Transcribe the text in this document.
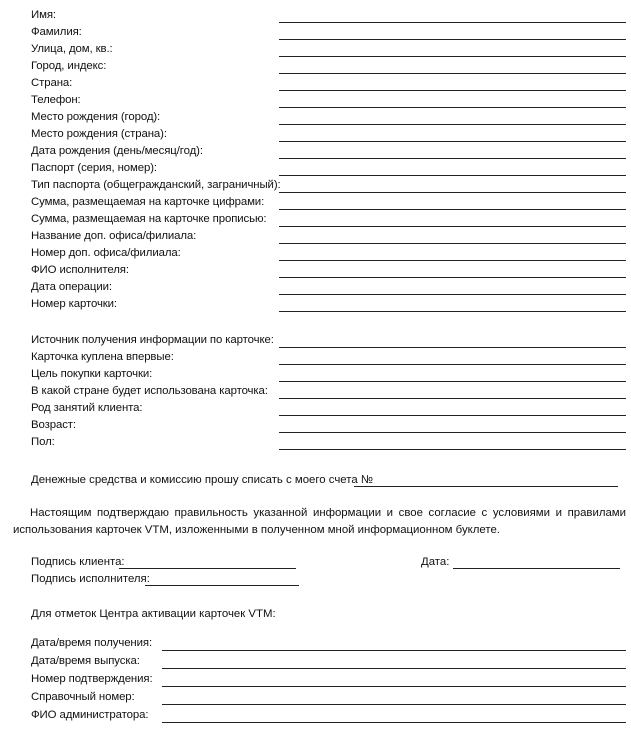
Имя:
Фамилия:
Улица, дом, кв.:
Город, индекс:
Страна:
Телефон:
Место рождения (город):
Место рождения (страна):
Дата рождения (день/месяц/год):
Паспорт (серия, номер):
Тип паспорта (общегражданский, заграничный):
Сумма, размещаемая на карточке цифрами:
Сумма, размещаемая на карточке прописью:
Название доп. офиса/филиала:
Номер доп. офиса/филиала:
ФИО исполнителя:
Дата операции:
Номер карточки:
Источник получения информации по карточке:
Карточка куплена впервые:
Цель покупки карточки:
В какой стране будет использована карточка:
Род занятий клиента:
Возраст:
Пол:
Денежные средства и комиссию прошу списать с моего счета №
Настоящим подтверждаю правильность указанной информации и свое согласие с условиями и правилами использования карточек VTM, изложенными в полученном мной информационном буклете.
Подпись клиента:	Дата:
Подпись исполнителя:
Для отметок Центра активации карточек VTM:
Дата/время получения:
Дата/время выпуска:
Номер подтверждения:
Справочный номер:
ФИО администратора:
